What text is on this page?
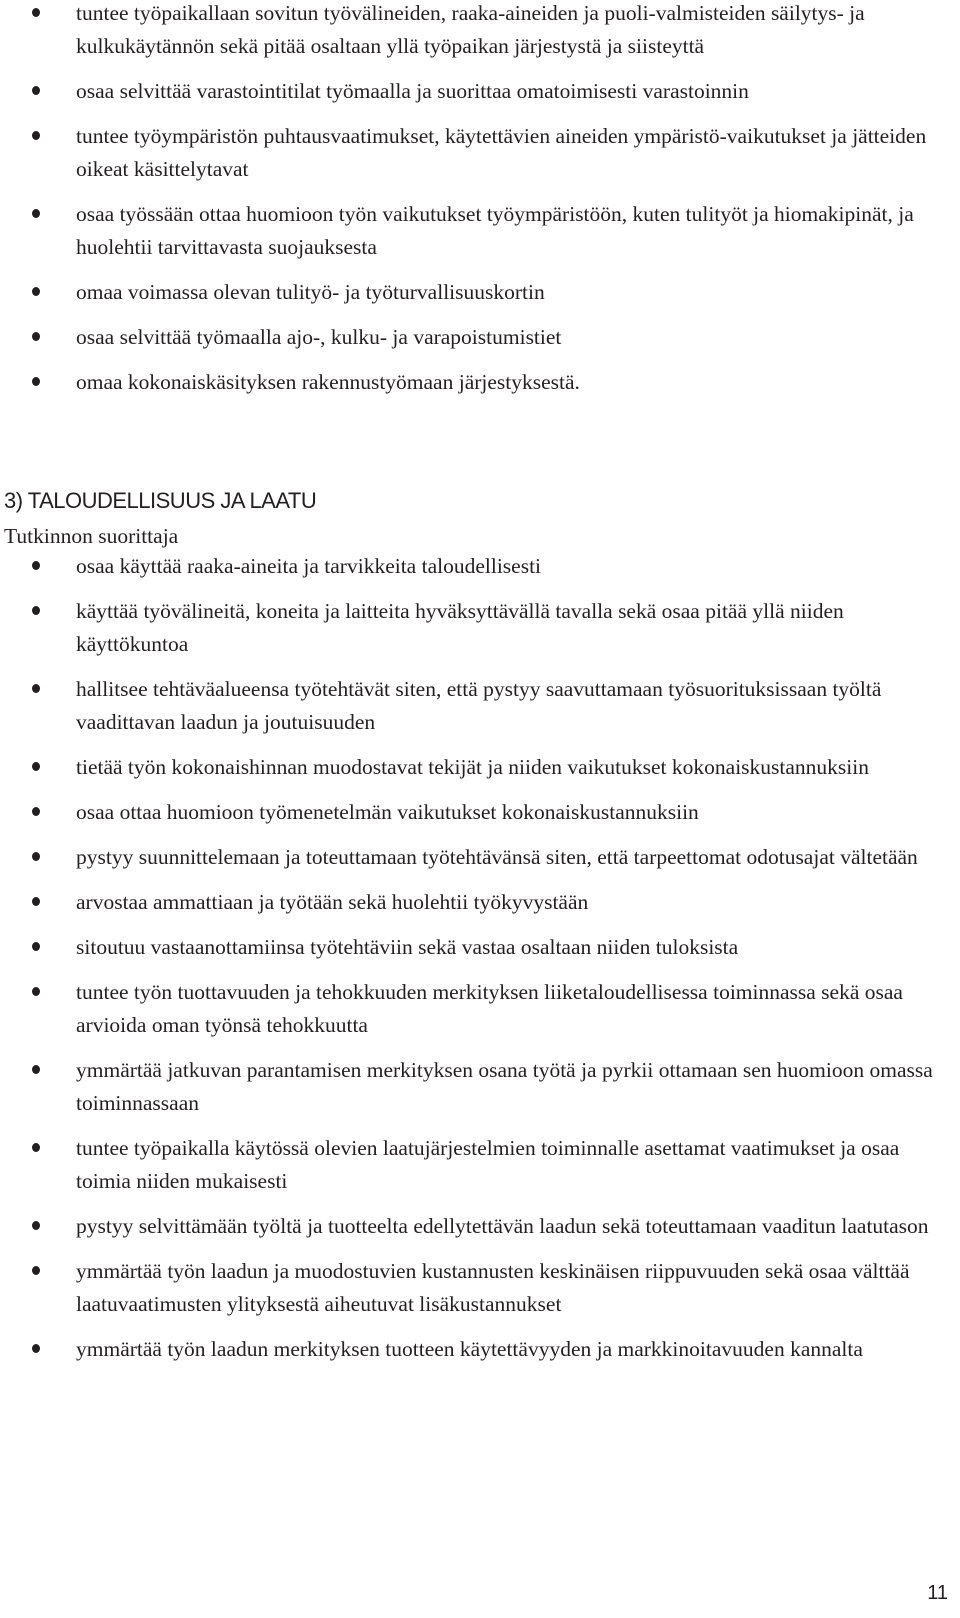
tuntee työpaikallaan sovitun työvälineiden, raaka-aineiden ja puoli-valmisteiden säilytys- ja kulkukäytännön sekä pitää osaltaan yllä työpaikan järjestystä ja siisteyttä
osaa selvittää varastointitilat työmaalla ja suorittaa omatoimisesti varastoinnin
tuntee työympäristön puhtausvaatimukset, käytettävien aineiden ympäristö-vaikutukset ja jätteiden oikeat käsittelytavat
osaa työssään ottaa huomioon työn vaikutukset työympäristöön, kuten tulityöt ja hiomakipinät, ja huolehtii tarvittavasta suojauksesta
omaa voimassa olevan tulityö- ja työturvallisuuskortin
osaa selvittää työmaalla ajo-, kulku- ja varapoistumistiet
omaa kokonaiskäsityksen rakennustyömaan järjestyksestä.
3) TALOUDELLISUUS JA LAATU
Tutkinnon suorittaja
osaa käyttää raaka-aineita ja tarvikkeita taloudellisesti
käyttää työvälineitä, koneita ja laitteita hyväksyttävällä tavalla sekä osaa pitää yllä niiden käyttökuntoa
hallitsee tehtäväalueensa työtehtävät siten, että pystyy saavuttamaan työsuorituksissaan työltä vaadittavan laadun ja joutuisuuden
tietää työn kokonaishinnan muodostavat tekijät ja niiden vaikutukset kokonaiskustannuksiin
osaa ottaa huomioon työmenetelmän vaikutukset kokonaiskustannuksiin
pystyy suunnittelemaan ja toteuttamaan työtehtävänsä siten, että tarpeettomat odotusajat vältetään
arvostaa ammattiaan ja työtään sekä huolehtii työkyvystään
sitoutuu vastaanottamiinsa työtehtäviin sekä vastaa osaltaan niiden tuloksista
tuntee työn tuottavuuden ja tehokkuuden merkityksen liiketaloudellisessa toiminnassa sekä osaa arvioida oman työnsä tehokkuutta
ymmärtää jatkuvan parantamisen merkityksen osana työtä ja pyrkii ottamaan sen huomioon omassa toiminnassaan
tuntee työpaikalla käytössä olevien laatujärjestelmien toiminnalle asettamat vaatimukset ja osaa toimia niiden mukaisesti
pystyy selvittämään työltä ja tuotteelta edellytettävän laadun sekä toteuttamaan vaaditun laatutason
ymmärtää työn laadun ja muodostuvien kustannusten keskinäisen riippuvuuden sekä osaa välttää laatuvaatimusten ylityksestä aiheutuvat lisäkustannukset
ymmärtää työn laadun merkityksen tuotteen käytettävyyden ja markkinoitavuuden kannalta
11
